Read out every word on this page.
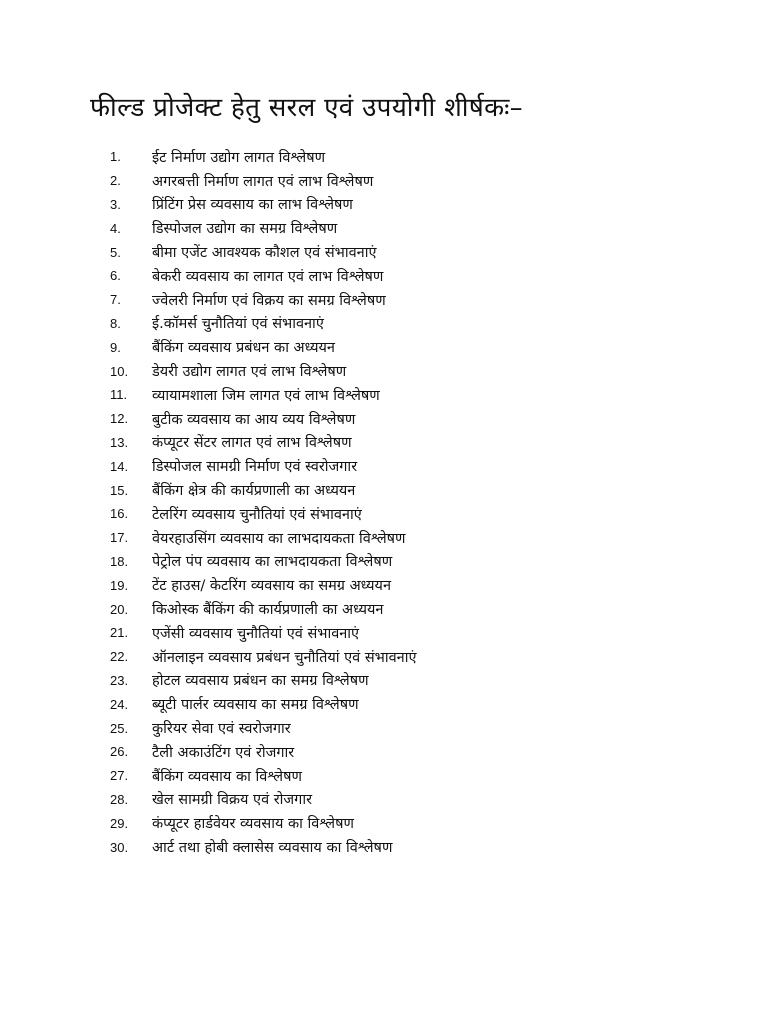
फील्ड प्रोजेक्ट हेतु सरल एवं उपयोगी शीर्षकः–
1.	ईट निर्माण उद्योग लागत विश्लेषण
2.	अगरबत्ती निर्माण लागत एवं लाभ विश्लेषण
3.	प्रिंटिंग प्रेस व्यवसाय का लाभ विश्लेषण
4.	डिस्पोजल उद्योग का समग्र विश्लेषण
5.	बीमा एजेंट आवश्यक कौशल एवं संभावनाएं
6.	बेकरी व्यवसाय का लागत एवं लाभ विश्लेषण
7.	ज्वेलरी निर्माण एवं विक्रय का समग्र विश्लेषण
8.	ई.कॉमर्स चुनौतियां एवं संभावनाएं
9.	बैंकिंग व्यवसाय प्रबंधन का अध्ययन
10.	डेयरी उद्योग लागत एवं लाभ विश्लेषण
11.	व्यायामशाला जिम लागत एवं लाभ विश्लेषण
12.	बुटीक व्यवसाय का आय व्यय विश्लेषण
13.	कंप्यूटर सेंटर लागत एवं लाभ विश्लेषण
14.	डिस्पोजल सामग्री निर्माण एवं स्वरोजगार
15.	बैंकिंग क्षेत्र की कार्यप्रणाली का अध्ययन
16.	टेलरिंग व्यवसाय चुनौतियां एवं संभावनाएं
17.	वेयरहाउसिंग व्यवसाय का लाभदायकता विश्लेषण
18.	पेट्रोल पंप व्यवसाय का लाभदायकता विश्लेषण
19.	टेंट हाउस/ केटरिंग व्यवसाय का समग्र अध्ययन
20.	किओस्क बैंकिंग की कार्यप्रणाली का अध्ययन
21.	एजेंसी व्यवसाय चुनौतियां एवं संभावनाएं
22.	ऑनलाइन व्यवसाय प्रबंधन चुनौतियां एवं संभावनाएं
23.	होटल व्यवसाय प्रबंधन का समग्र विश्लेषण
24.	ब्यूटी पार्लर व्यवसाय का समग्र विश्लेषण
25.	कुरियर सेवा एवं स्वरोजगार
26.	टैली अकाउंटिंग एवं रोजगार
27.	बैंकिंग व्यवसाय का विश्लेषण
28.	खेल सामग्री विक्रय एवं रोजगार
29.	कंप्यूटर हार्डवेयर व्यवसाय का विश्लेषण
30.	आर्ट तथा होबी क्लासेस व्यवसाय का विश्लेषण
